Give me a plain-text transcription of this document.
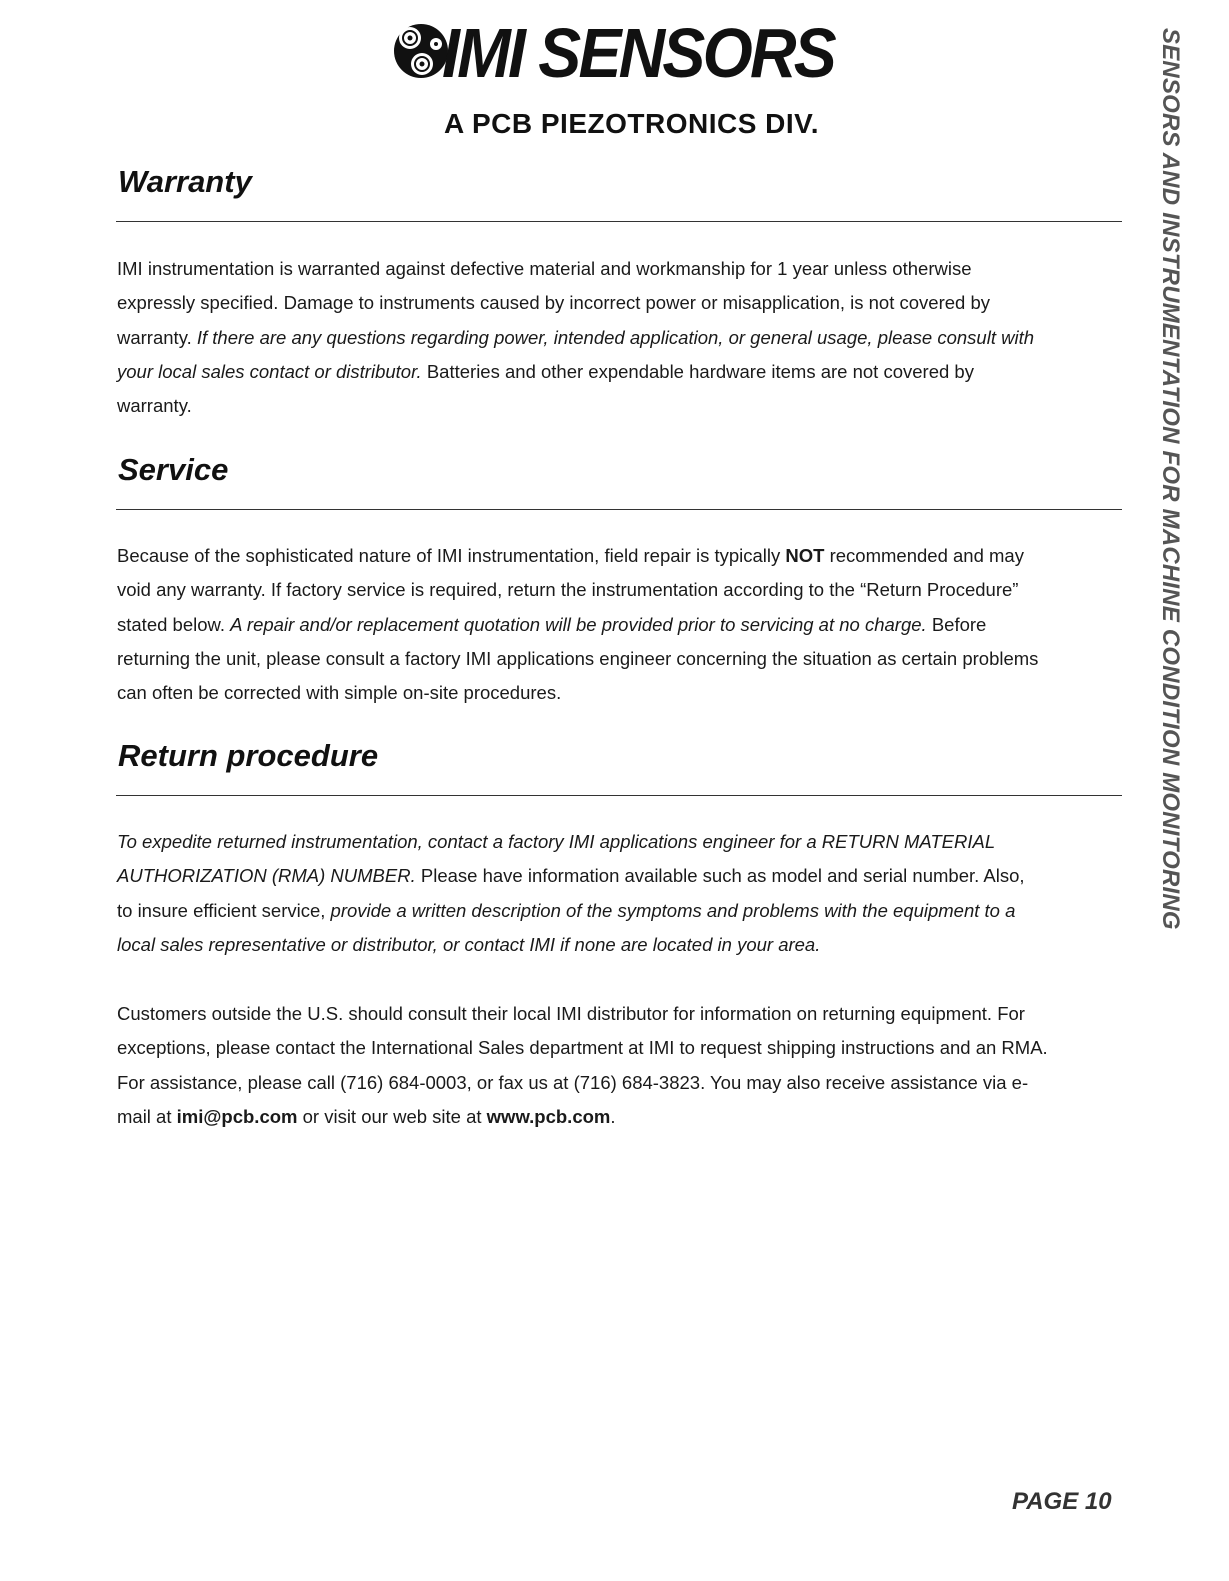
IMI SENSORS
A PCB PIEZOTRONICS DIV.
Warranty
IMI instrumentation is warranted against defective material and workmanship for 1 year unless otherwise
expressly specified. Damage to instruments caused by incorrect power or misapplication, is not covered by
warranty. If there are any questions regarding power, intended application, or general usage, please consult with
your local sales contact or distributor. Batteries and other expendable hardware items are not covered by
warranty.
Service
Because of the sophisticated nature of IMI instrumentation, field repair is typically NOT recommended and may
void any warranty. If factory service is required, return the instrumentation according to the “Return Procedure”
stated below. A repair and/or replacement quotation will be provided prior to servicing at no charge. Before
returning the unit, please consult a factory IMI applications engineer concerning the situation as certain problems
can often be corrected with simple on-site procedures.
Return procedure
To expedite returned instrumentation, contact a factory IMI applications engineer for a RETURN MATERIAL
AUTHORIZATION (RMA) NUMBER. Please have information available such as model and serial number. Also,
to insure efficient service, provide a written description of the symptoms and problems with the equipment to a
local sales representative or distributor, or contact IMI if none are located in your area.
Customers outside the U.S. should consult their local IMI distributor for information on returning equipment. For
exceptions, please contact the International Sales department at IMI to request shipping instructions and an RMA.
For assistance, please call (716) 684-0003, or fax us at (716) 684-3823. You may also receive assistance via e-
mail at imi@pcb.com or visit our web site at www.pcb.com.
SENSORS AND INSTRUMENTATION FOR MACHINE CONDITION MONITORING
PAGE 10
